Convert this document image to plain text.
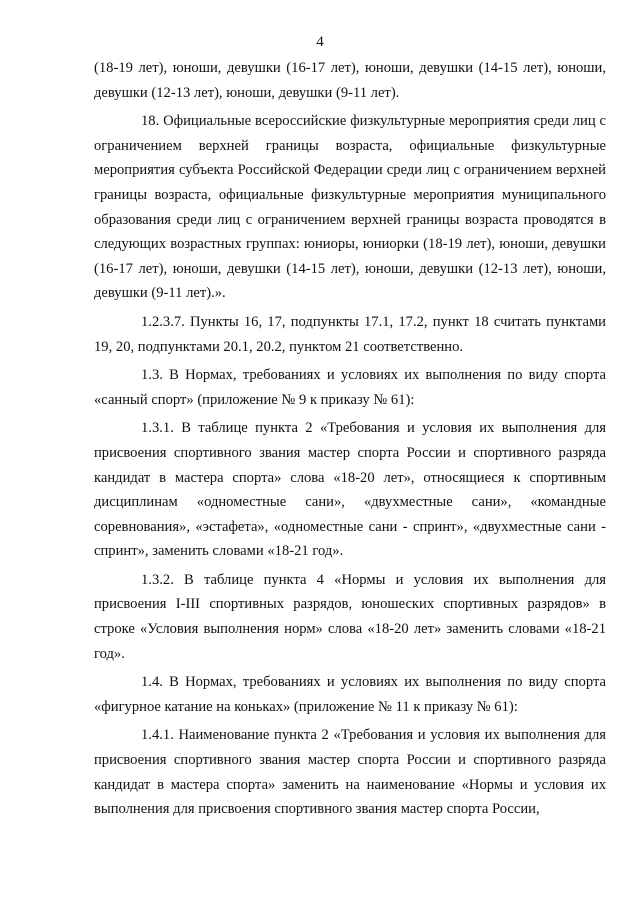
4

(18-19 лет), юноши, девушки (16-17 лет), юноши, девушки (14-15 лет), юноши, девушки (12-13 лет), юноши, девушки (9-11 лет).

18. Официальные всероссийские физкультурные мероприятия среди лиц с ограничением верхней границы возраста, официальные физкультурные мероприятия субъекта Российской Федерации среди лиц с ограничением верхней границы возраста, официальные физкультурные мероприятия муниципального образования среди лиц с ограничением верхней границы возраста проводятся в следующих возрастных группах: юниоры, юниорки (18-19 лет), юноши, девушки (16-17 лет), юноши, девушки (14-15 лет), юноши, девушки (12-13 лет), юноши, девушки (9-11 лет).».

1.2.3.7. Пункты 16, 17, подпункты 17.1, 17.2, пункт 18 считать пунктами 19, 20, подпунктами 20.1, 20.2, пунктом 21 соответственно.

1.3. В Нормах, требованиях и условиях их выполнения по виду спорта «санный спорт» (приложение № 9 к приказу № 61):

1.3.1. В таблице пункта 2 «Требования и условия их выполнения для присвоения спортивного звания мастер спорта России и спортивного разряда кандидат в мастера спорта» слова «18-20 лет», относящиеся к спортивным дисциплинам «одноместные сани», «двухместные сани», «командные соревнования», «эстафета», «одноместные сани - спринт», «двухместные сани - спринт», заменить словами «18-21 год».

1.3.2. В таблице пункта 4 «Нормы и условия их выполнения для присвоения I-III спортивных разрядов, юношеских спортивных разрядов» в строке «Условия выполнения норм» слова «18-20 лет» заменить словами «18-21 год».

1.4. В Нормах, требованиях и условиях их выполнения по виду спорта «фигурное катание на коньках» (приложение № 11 к приказу № 61):

1.4.1. Наименование пункта 2 «Требования и условия их выполнения для присвоения спортивного звания мастер спорта России и спортивного разряда кандидат в мастера спорта» заменить на наименование «Нормы и условия их выполнения для присвоения спортивного звания мастер спорта России,
